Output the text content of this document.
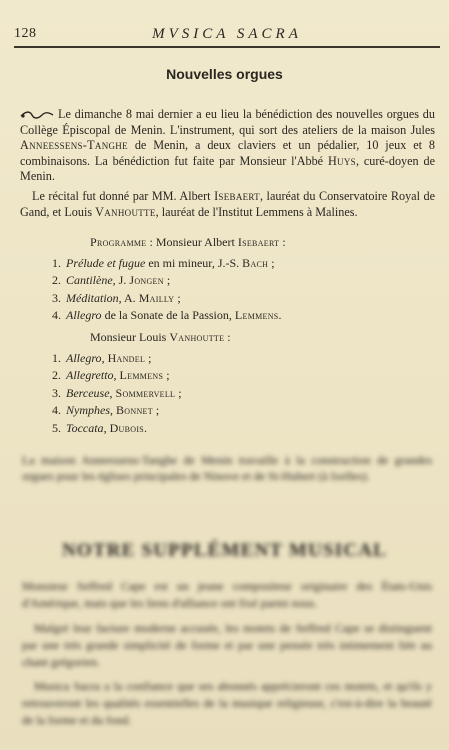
128	MVSICA SACRA
Nouvelles orgues
Le dimanche 8 mai dernier a eu lieu la bénédiction des nouvelles orgues du Collège Épiscopal de Menin. L'instrument, qui sort des ateliers de la maison Jules Anneessens-Tanghe de Menin, a deux claviers et un pédalier, 10 jeux et 8 combinaisons. La bénédiction fut faite par Monsieur l'Abbé Huys, curé-doyen de Menin.
Le récital fut donné par MM. Albert Isebaert, lauréat du Conservatoire Royal de Gand, et Louis Vanhoutte, lauréat de l'Institut Lemmens à Malines.
Programme : Monsieur Albert Isebaert :
1. Prélude et fugue en mi mineur, J.-S. Bach ;
2. Cantilène, J. Jongen ;
3. Méditation, A. Mailly ;
4. Allegro de la Sonate de la Passion, Lemmens.
Monsieur Louis Vanhoutte :
1. Allegro, Handel ;
2. Allegretto, Lemmens ;
3. Berceuse, Sommervell ;
4. Nymphes, Bonnet ;
5. Toccata, Dubois.
La maison Anneessens-Tanghe de Menin travaille à la construction de grandes orgues pour les églises principales de Ninove et de St-Hubert (à Ixelles).
NOTRE SUPPLÉMENT MUSICAL
Monsieur Seffred Cape est un jeune compositeur originaire des États-Unis d'Amérique, mais que les liens d'alliance ont fixé parmi nous.
Malgré leur facture moderne accusée, les motets de Seffred Cape se distinguent par une très grande simplicité de forme et par une pensée très intimement liée au chant grégorien.
Musica Sacra a la confiance que ses abonnés apprécieront ces motets, et qu'ils y retrouveront les qualités essentielles de la musique religieuse, c'est-à-dire la beauté de la forme et du fond.
